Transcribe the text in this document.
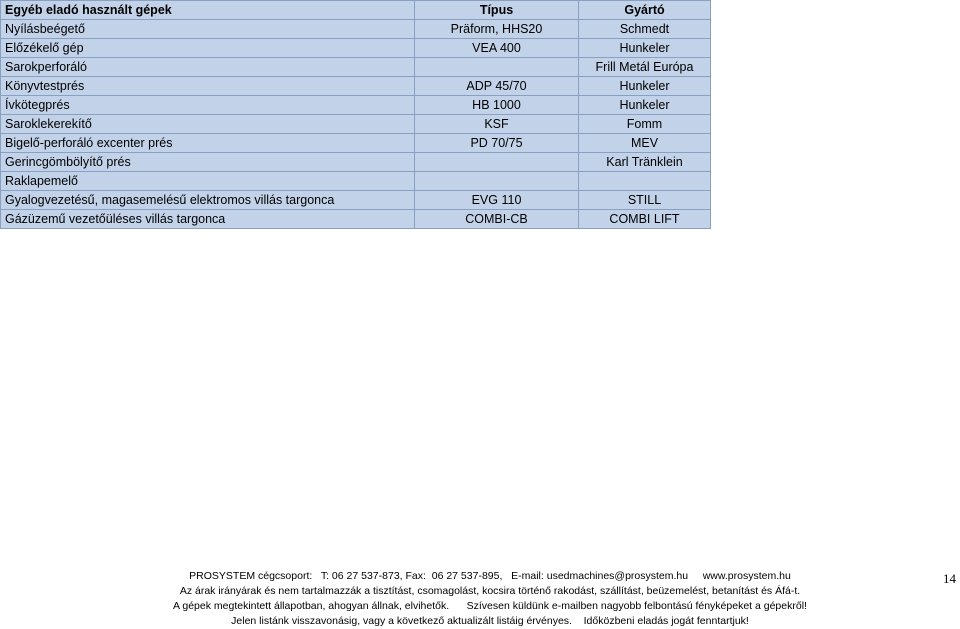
Egyéb eladó használt gépek	Típus	Gyártó
Nyílásbeégető	Präform, HHS20	Schmedt
Előzékelő gép	VEA 400	Hunkeler
Sarokperforáló		Frill Metál Európa
Könyvtestprés	ADP 45/70	Hunkeler
Ívkötegprés	HB 1000	Hunkeler
Saroklekerekítő	KSF	Fomm
Bigelő-perforáló excenter prés	PD 70/75	MEV
Gerincgömbölyítő prés		Karl Tränklein
Raklapemelő		
Gyalogvezetésű, magasemelésű elektromos villás targonca	EVG 110	STILL
Gázüzemű vezetőüléses villás targonca	COMBI-CB	COMBI LIFT
PROSYSTEM cégcsoport:   T: 06 27 537-873, Fax:  06 27 537-895,   E-mail: usedmachines@prosystem.hu     www.prosystem.hu
Az árak irányárak és nem tartalmazzák a tisztítást, csomagolást, kocsira történő rakodást, szállítást, beüzemelést, betanítást és Áfá-t.
A gépek megtekintett állapotban, ahogyan állnak, elvihetők.      Szívesen küldünk e-mailben nagyobb felbontású fényképeket a gépekről!
Jelen listánk visszavonásig, vagy a következő aktualizált listáig érvényes.    Időközbeni eladás jogát fenntartjuk!
14
